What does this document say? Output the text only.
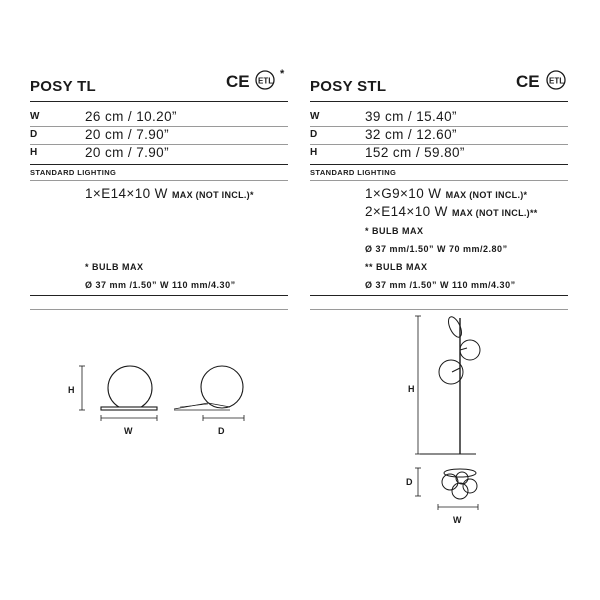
POSY TL	CE ETL
*
W	26 cm / 10.20”
D	20 cm / 7.90”
H	20 cm / 7.90”
STANDARD LIGHTING
1×E14×10 W MAX (NOT INCL.)*
* BULB MAX
Ø 37 mm /1.50” W 110 mm/4.30”
H
W	D
POSY STL	CE ETL
W	39 cm / 15.40”
D	32 cm / 12.60”
H	152 cm / 59.80”
STANDARD LIGHTING
1×G9×10 W MAX (NOT INCL.)*
2×E14×10 W MAX (NOT INCL.)**
* BULB MAX
Ø 37 mm/1.50” W 70 mm/2.80”
** BULB MAX
Ø 37 mm /1.50” W 110 mm/4.30”
H
D
W
